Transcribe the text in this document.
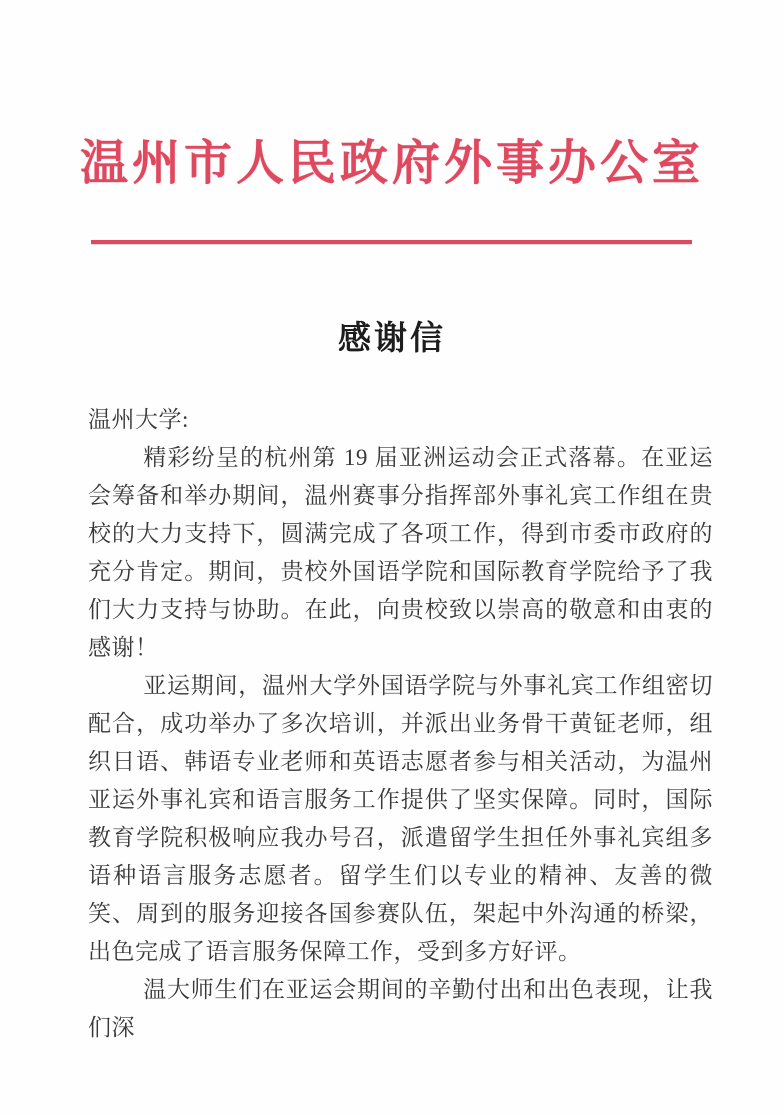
温州市人民政府外事办公室
感谢信

温州大学:

精彩纷呈的杭州第 19 届亚洲运动会正式落幕。在亚运会筹备和举办期间，温州赛事分指挥部外事礼宾工作组在贵校的大力支持下，圆满完成了各项工作，得到市委市政府的充分肯定。期间，贵校外国语学院和国际教育学院给予了我们大力支持与协助。在此，向贵校致以崇高的敬意和由衷的感谢！

亚运期间，温州大学外国语学院与外事礼宾工作组密切配合，成功举办了多次培训，并派出业务骨干黄钲老师，组织日语、韩语专业老师和英语志愿者参与相关活动，为温州亚运外事礼宾和语言服务工作提供了坚实保障。同时，国际教育学院积极响应我办号召，派遣留学生担任外事礼宾组多语种语言服务志愿者。留学生们以专业的精神、友善的微笑、周到的服务迎接各国参赛队伍，架起中外沟通的桥梁，出色完成了语言服务保障工作，受到多方好评。

温大师生们在亚运会期间的辛勤付出和出色表现，让我们深
